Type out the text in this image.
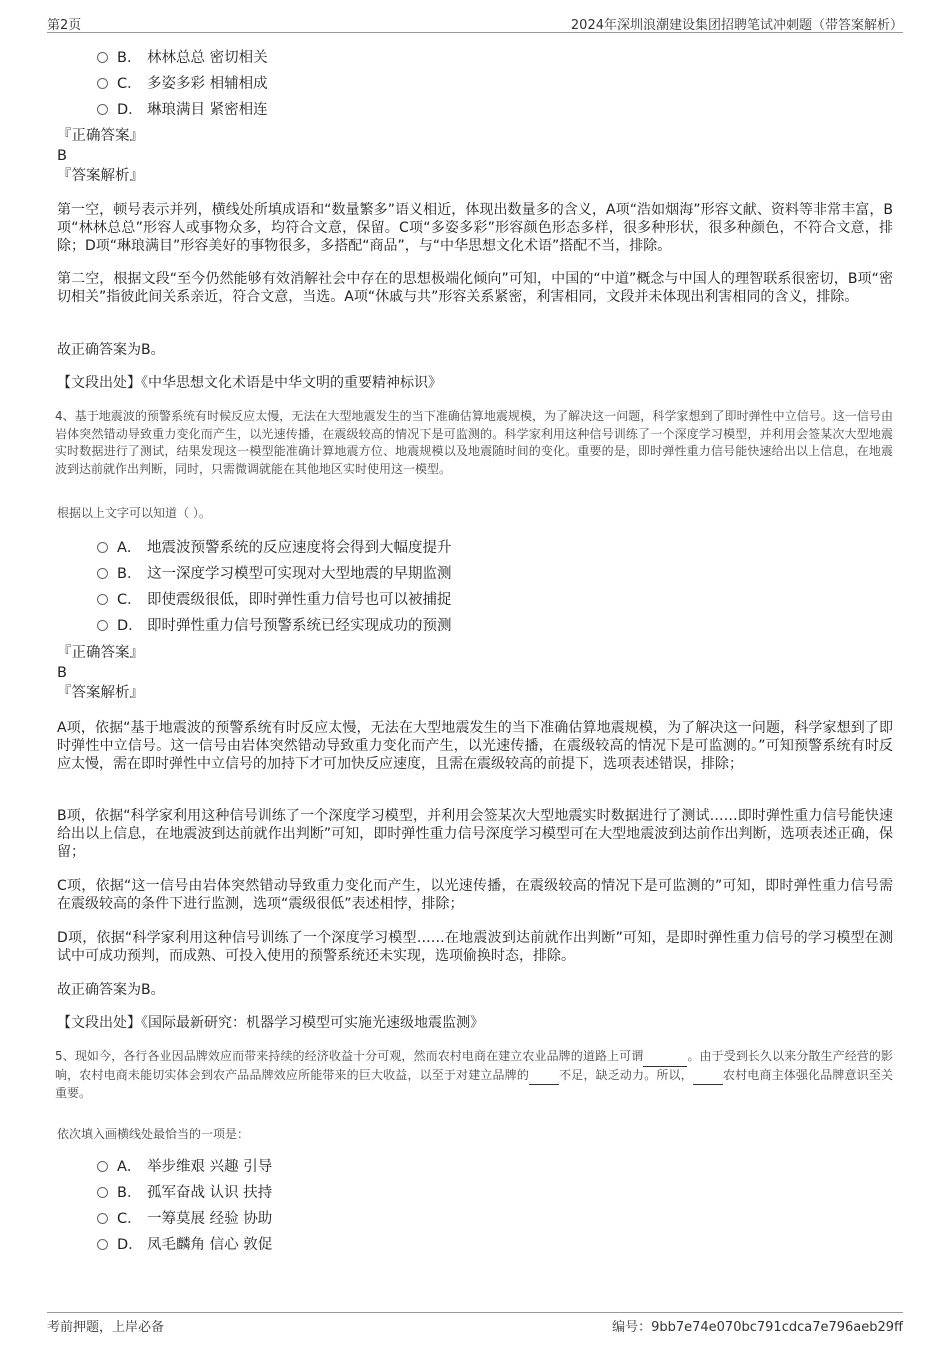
第2页	2024年深圳浪潮建设集团招聘笔试冲刺题（带答案解析）
B． 林林总总 密切相关
C． 多姿多彩 相辅相成
D． 琳琅满目 紧密相连
『正确答案』
B
『答案解析』
第一空，顿号表示并列，横线处所填成语和“数量繁多”语义相近，体现出数量多的含义，A项“浩如烟海”形容文献、资料等非常丰富，B项“林林总总”形容人或事物众多，均符合文意，保留。C项“多姿多彩”形容颜色形态多样，很多种形状，很多种颜色，不符合文意，排除；D项“琳琅满目”形容美好的事物很多，多搭配“商品”，与“中华思想文化术语”搭配不当，排除。
第二空，根据文段“至今仍然能够有效消解社会中存在的思想极端化倾向”可知，中国的“中道”概念与中国人的理智联系很密切，B项“密切相关”指彼此间关系亲近，符合文意，当选。A项“休戚与共”形容关系紧密，利害相同，文段并未体现出利害相同的含义，排除。
故正确答案为B。
【文段出处】《中华思想文化术语是中华文明的重要精神标识》
4、基于地震波的预警系统有时候反应太慢，无法在大型地震发生的当下准确估算地震规模，为了解决这一问题，科学家想到了即时弹性中立信号。这一信号由岩体突然错动导致重力变化而产生，以光速传播，在震级较高的情况下是可监测的。科学家利用这种信号训练了一个深度学习模型，并利用会签某次大型地震实时数据进行了测试，结果发现这一模型能准确计算地震方位、地震规模以及地震随时间的变化。重要的是，即时弹性重力信号能快速给出以上信息，在地震波到达前就作出判断，同时，只需微调就能在其他地区实时使用这一模型。
根据以上文字可以知道（ ）。
A． 地震波预警系统的反应速度将会得到大幅度提升
B． 这一深度学习模型可实现对大型地震的早期监测
C． 即使震级很低，即时弹性重力信号也可以被捕捉
D． 即时弹性重力信号预警系统已经实现成功的预测
『正确答案』
B
『答案解析』
A项，依据“基于地震波的预警系统有时反应太慢，无法在大型地震发生的当下准确估算地震规模，为了解决这一问题，科学家想到了即时弹性中立信号。这一信号由岩体突然错动导致重力变化而产生，以光速传播，在震级较高的情况下是可监测的。”可知预警系统有时反应太慢，需在即时弹性中立信号的加持下才可加快反应速度，且需在震级较高的前提下，选项表述错误，排除；
B项，依据“科学家利用这种信号训练了一个深度学习模型，并利用会签某次大型地震实时数据进行了测试……即时弹性重力信号能快速给出以上信息，在地震波到达前就作出判断”可知，即时弹性重力信号深度学习模型可在大型地震波到达前作出判断，选项表述正确，保留；
C项，依据“这一信号由岩体突然错动导致重力变化而产生，以光速传播，在震级较高的情况下是可监测的”可知，即时弹性重力信号需在震级较高的条件下进行监测，选项“震级很低”表述相悖，排除；
D项，依据“科学家利用这种信号训练了一个深度学习模型……在地震波到达前就作出判断”可知，是即时弹性重力信号的学习模型在测试中可成功预判，而成熟、可投入使用的预警系统还未实现，选项偷换时态，排除。
故正确答案为B。
【文段出处】《国际最新研究：机器学习模型可实施光速级地震监测》
5、现如今，各行各业因品牌效应而带来持续的经济收益十分可观，然而农村电商在建立农业品牌的道路上可谓	。由于受到长久以来分散生产经营的影响，农村电商未能切实体会到农产品品牌效应所能带来的巨大收益，以至于对建立品牌的	不足，缺乏动力。所以，	农村电商主体强化品牌意识至关重要。
依次填入画横线处最恰当的一项是：
A． 举步维艰 兴趣 引导
B． 孤军奋战 认识 扶持
C． 一筹莫展 经验 协助
D． 凤毛麟角 信心 敦促
考前押题，上岸必备	编号：9bb7e74e070bc791cdca7e796aeb29ff
